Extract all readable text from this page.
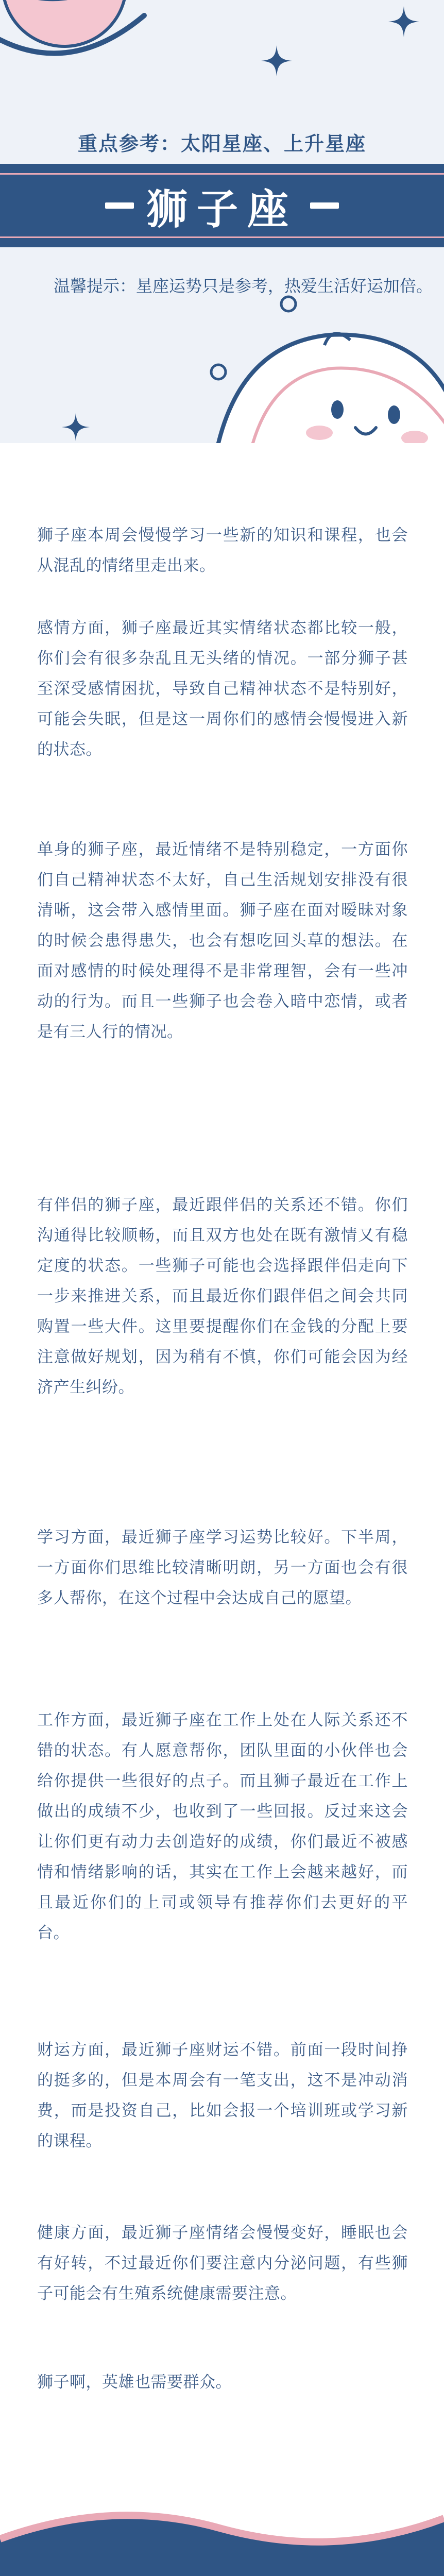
重点参考：太阳星座、上升星座
狮子座
温馨提示：星座运势只是参考，热爱生活好运加倍。

狮子座本周会慢慢学习一些新的知识和课程，也会从混乱的情绪里走出来。

感情方面，狮子座最近其实情绪状态都比较一般，你们会有很多杂乱且无头绪的情况。一部分狮子甚至深受感情困扰，导致自己精神状态不是特别好，可能会失眠，但是这一周你们的感情会慢慢进入新的状态。

单身的狮子座，最近情绪不是特别稳定，一方面你们自己精神状态不太好，自己生活规划安排没有很清晰，这会带入感情里面。狮子座在面对暧昧对象的时候会患得患失，也会有想吃回头草的想法。在面对感情的时候处理得不是非常理智，会有一些冲动的行为。而且一些狮子也会卷入暗中恋情，或者是有三人行的情况。

有伴侣的狮子座，最近跟伴侣的关系还不错。你们沟通得比较顺畅，而且双方也处在既有激情又有稳定度的状态。一些狮子可能也会选择跟伴侣走向下一步来推进关系，而且最近你们跟伴侣之间会共同购置一些大件。这里要提醒你们在金钱的分配上要注意做好规划，因为稍有不慎，你们可能会因为经济产生纠纷。

学习方面，最近狮子座学习运势比较好。下半周，一方面你们思维比较清晰明朗，另一方面也会有很多人帮你，在这个过程中会达成自己的愿望。

工作方面，最近狮子座在工作上处在人际关系还不错的状态。有人愿意帮你，团队里面的小伙伴也会给你提供一些很好的点子。而且狮子最近在工作上做出的成绩不少，也收到了一些回报。反过来这会让你们更有动力去创造好的成绩，你们最近不被感情和情绪影响的话，其实在工作上会越来越好，而且最近你们的上司或领导有推荐你们去更好的平台。

财运方面，最近狮子座财运不错。前面一段时间挣的挺多的，但是本周会有一笔支出，这不是冲动消费，而是投资自己，比如会报一个培训班或学习新的课程。

健康方面，最近狮子座情绪会慢慢变好，睡眠也会有好转，不过最近你们要注意内分泌问题，有些狮子可能会有生殖系统健康需要注意。

狮子啊，英雄也需要群众。
